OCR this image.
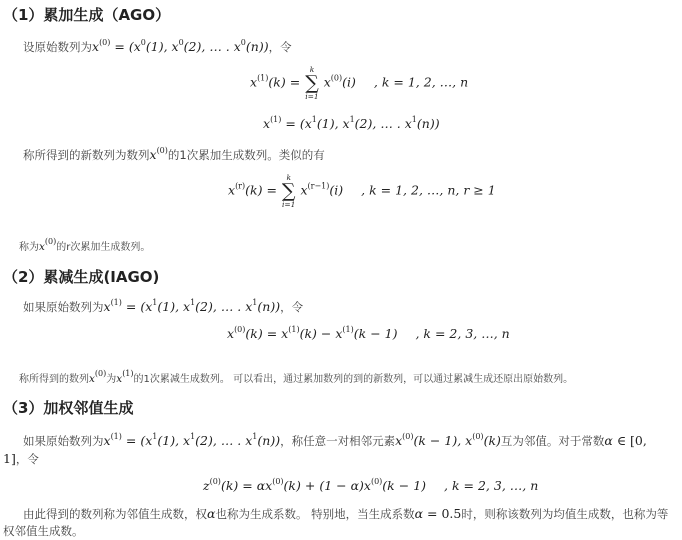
（1）累加生成（AGO）
设原始数列为$x^{(0)} = (x^0(1)$, $x^0(2)$, … . $x^0(n)$)，令
$x^{(1)}(k)$ =
k
∑
i=1
$x^{(0)}(i)$ , k = 1, 2, …, n
$x^{(1)} = (x^1(1)$, $x^1(2)$, … . $x^1(n)$)
称所得到的新数列为数列$x^{(0)}$的1次累加生成数列。类似的有
$x^{(r)}(k)$ =
k
∑
i=1
$x^{(r-1)}(i)$ , k = 1, 2, …, n, r ≥ 1
称为$x^{(0)}$的r次累加生成数列。
（2）累减生成(IAGO)
如果原始数列为$x^{(1)} = (x^1(1)$, $x^1(2)$, … . $x^1(n)$)，令
$x^{(0)}(k) = x^{(1)}(k) - x^{(1)}(k - 1)$ , k = 2, 3, …, n
称所得到的数列$x^{(0)}$为$x^{(1)}$的1次累减生成数列。 可以看出，通过累加数列的到的新数列，可以通过累减生成还原出原始数列。
（3）加权邻值生成
如果原始数列为$x^{(1)} = (x^1(1)$, $x^1(2)$, … . $x^1(n)$)，称任意一对相邻元素$x^{(0)}(k - 1)$, $x^{(0)}(k)$互为邻值。对于常数α ∈ [0, 1]，令
$z^{(0)}(k) = \alpha x^{(0)}(k) + (1 - \alpha)x^{(0)}(k - 1)$ , k = 2, 3, …, n
由此得到的数列称为邻值生成数，权α也称为生成系数。 特别地，当生成系数α = 0.5时，则称该数列为均值生成数，也称为等权邻值生成数。
